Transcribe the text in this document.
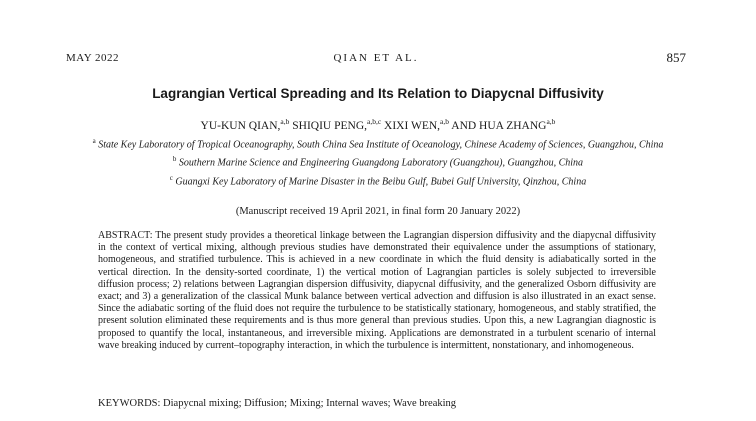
MAY 2022	QIAN ET AL.	857
Lagrangian Vertical Spreading and Its Relation to Diapycnal Diffusivity
YU-KUN QIAN,$^{a,b}$ SHIQIU PENG,$^{a,b,c}$ XIXI WEN,$^{a,b}$ AND HUA ZHANG$^{a,b}$
$^a$ State Key Laboratory of Tropical Oceanography, South China Sea Institute of Oceanology, Chinese Academy of Sciences, Guangzhou, China
$^b$ Southern Marine Science and Engineering Guangdong Laboratory (Guangzhou), Guangzhou, China
$^c$ Guangxi Key Laboratory of Marine Disaster in the Beibu Gulf, Bubei Gulf University, Qinzhou, China
(Manuscript received 19 April 2021, in final form 20 January 2022)
ABSTRACT: The present study provides a theoretical linkage between the Lagrangian dispersion diffusivity and the diapycnal diffusivity in the context of vertical mixing, although previous studies have demonstrated their equivalence under the assumptions of stationary, homogeneous, and stratified turbulence. This is achieved in a new coordinate in which the fluid density is adiabatically sorted in the vertical direction. In the density-sorted coordinate, 1) the vertical motion of Lagrangian particles is solely subjected to irreversible diffusion process; 2) relations between Lagrangian dispersion diffusivity, diapycnal diffusivity, and the generalized Osborn diffusivity are exact; and 3) a generalization of the classical Munk balance between vertical advection and diffusion is also illustrated in an exact sense. Since the adiabatic sorting of the fluid does not require the turbulence to be statistically stationary, homogeneous, and stably stratified, the present solution eliminated these requirements and is thus more general than previous studies. Upon this, a new Lagrangian diagnostic is proposed to quantify the local, instantaneous, and irreversible mixing. Applications are demonstrated in a turbulent scenario of internal wave breaking induced by current–topography interaction, in which the turbulence is intermittent, nonstationary, and inhomogeneous.
KEYWORDS: Diapycnal mixing; Diffusion; Mixing; Internal waves; Wave breaking
